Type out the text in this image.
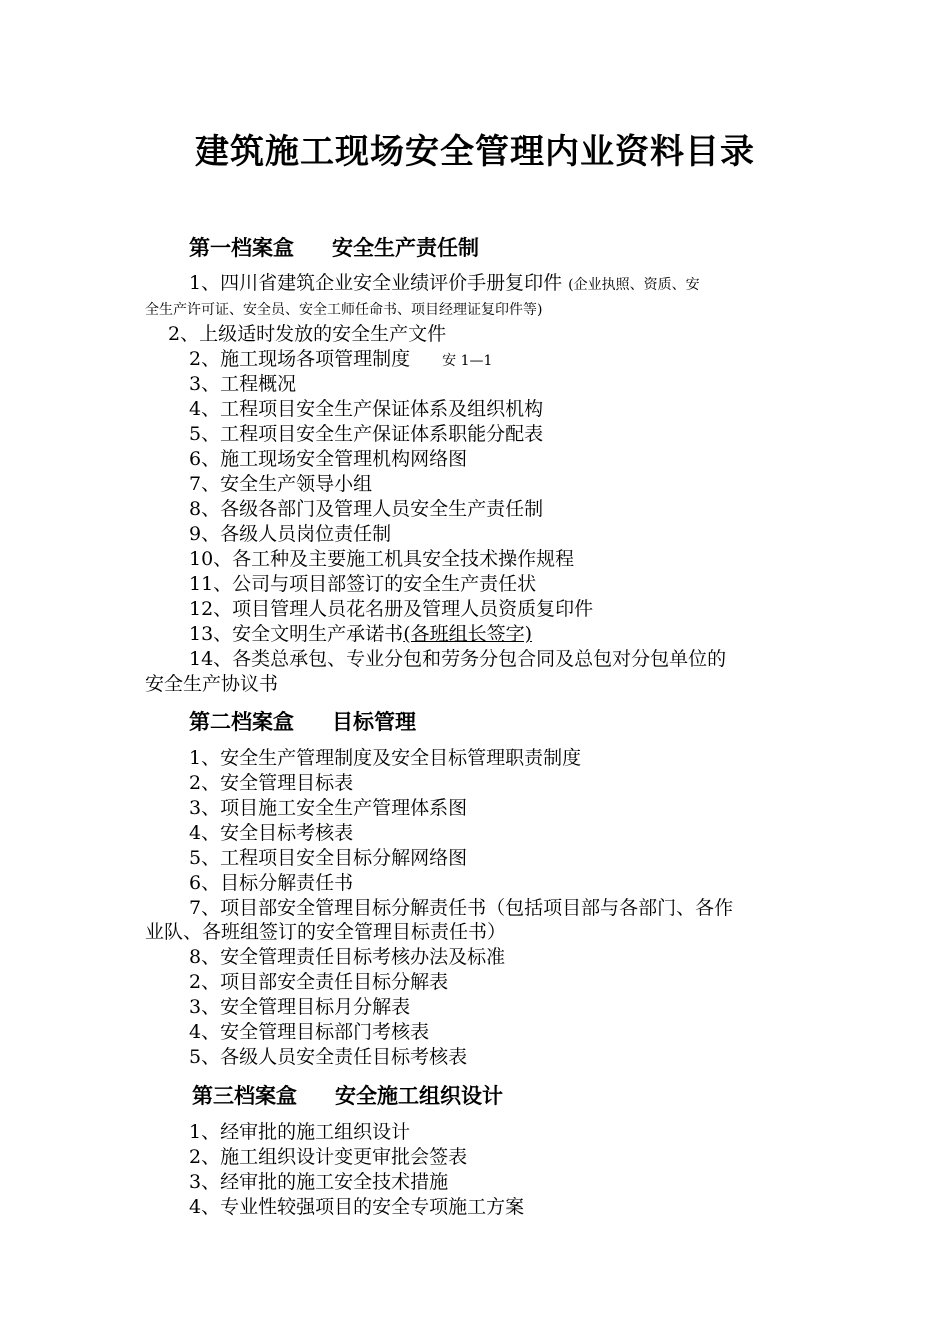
建筑施工现场安全管理内业资料目录
第一档案盒 安全生产责任制
1、四川省建筑企业安全业绩评价手册复印件 (企业执照、资质、安
全生产许可证、安全员、安全工师任命书、项目经理证复印件等)
2、上级适时发放的安全生产文件
2、施工现场各项管理制度 安 1—1
3、工程概况
4、工程项目安全生产保证体系及组织机构
5、工程项目安全生产保证体系职能分配表
6、施工现场安全管理机构网络图
7、安全生产领导小组
8、各级各部门及管理人员安全生产责任制
9、各级人员岗位责任制
10、各工种及主要施工机具安全技术操作规程
11、公司与项目部签订的安全生产责任状
12、项目管理人员花名册及管理人员资质复印件
13、安全文明生产承诺书(各班组长签字)
14、各类总承包、专业分包和劳务分包合同及总包对分包单位的
安全生产协议书
第二档案盒 目标管理
1、安全生产管理制度及安全目标管理职责制度
2、安全管理目标表
3、项目施工安全生产管理体系图
4、安全目标考核表
5、工程项目安全目标分解网络图
6、目标分解责任书
7、项目部安全管理目标分解责任书（包括项目部与各部门、各作
业队、各班组签订的安全管理目标责任书）
8、安全管理责任目标考核办法及标准
2、项目部安全责任目标分解表
3、安全管理目标月分解表
4、安全管理目标部门考核表
5、各级人员安全责任目标考核表
第三档案盒 安全施工组织设计
1、经审批的施工组织设计
2、施工组织设计变更审批会签表
3、经审批的施工安全技术措施
4、专业性较强项目的安全专项施工方案
